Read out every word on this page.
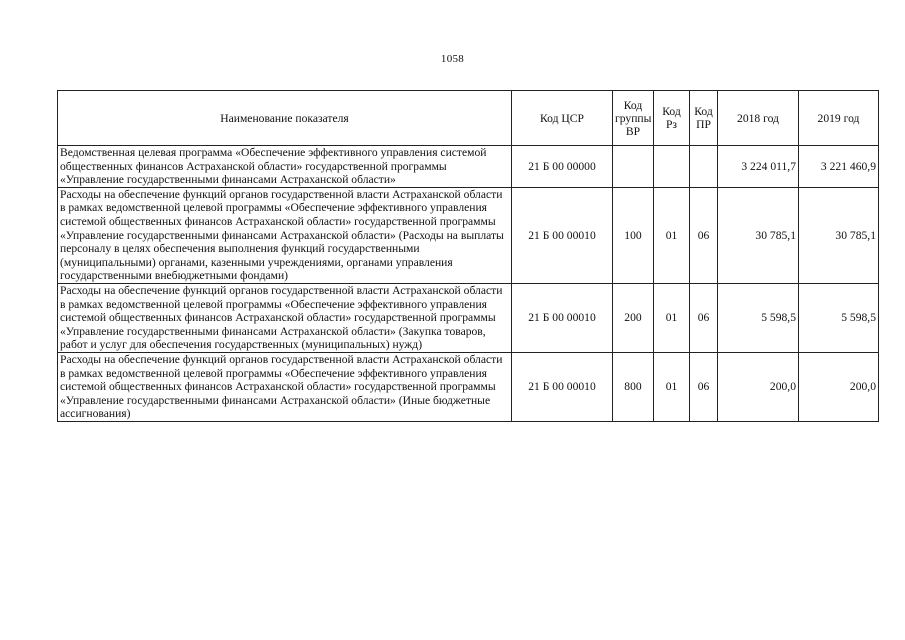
1058
Наименование показателя	Код ЦСР	Код группы ВР	Код Рз	Код ПР	2018 год	2019 год
Ведомственная целевая программа «Обеспечение эффективного управления системой общественных финансов Астраханской области» государственной программы «Управление государственными финансами Астраханской области»	21 Б 00 00000				3 224 011,7	3 221 460,9
Расходы на обеспечение функций органов государственной власти Астраханской области в рамках ведомственной целевой программы «Обеспечение эффективного управления системой общественных финансов Астраханской области» государственной программы «Управление государственными финансами Астраханской области» (Расходы на выплаты персоналу в целях обеспечения выполнения функций государственными (муниципальными) органами, казенными учреждениями, органами управления государственными внебюджетными фондами)	21 Б 00 00010	100	01	06	30 785,1	30 785,1
Расходы на обеспечение функций органов государственной власти Астраханской области в рамках ведомственной целевой программы «Обеспечение эффективного управления системой общественных финансов Астраханской области» государственной программы «Управление государственными финансами Астраханской области» (Закупка товаров, работ и услуг для обеспечения государственных (муниципальных) нужд)	21 Б 00 00010	200	01	06	5 598,5	5 598,5
Расходы на обеспечение функций органов государственной власти Астраханской области в рамках ведомственной целевой программы «Обеспечение эффективного управления системой общественных финансов Астраханской области» государственной программы «Управление государственными финансами Астраханской области» (Иные бюджетные ассигнования)	21 Б 00 00010	800	01	06	200,0	200,0
